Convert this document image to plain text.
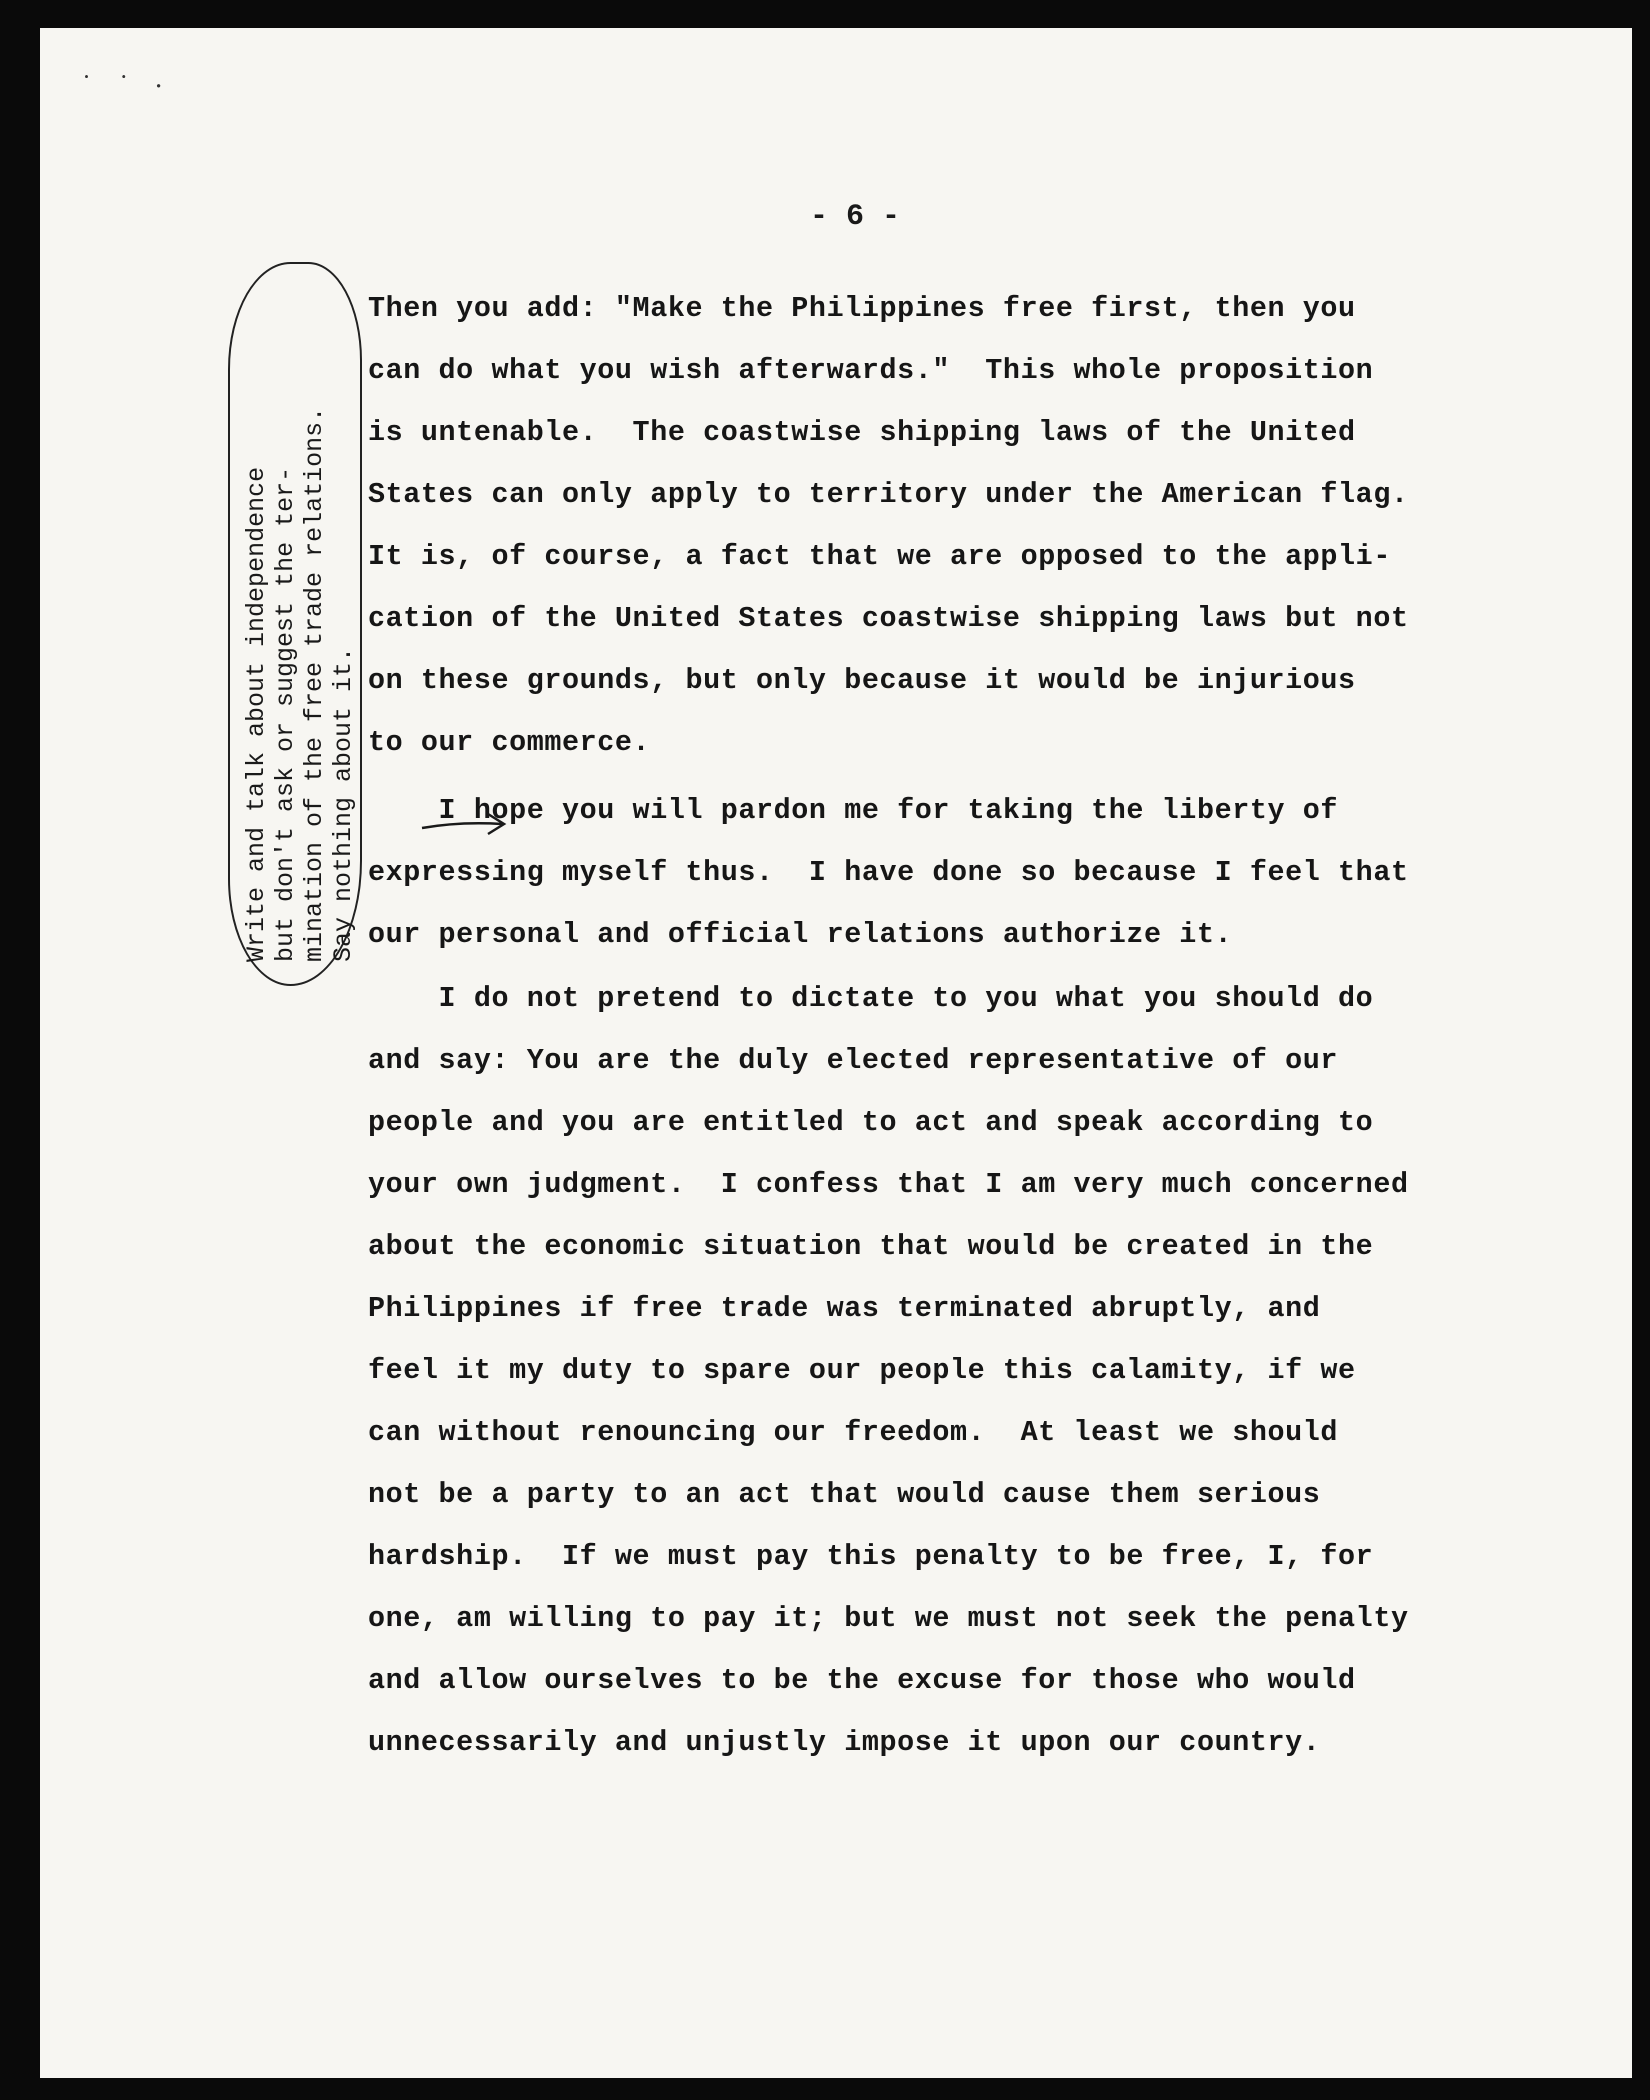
˙ ˙ ·
- 6 -
Write and talk about independence
but don't ask or suggest the ter-
mination of the free trade relations.
Say nothing about it.
Then you add: "Make the Philippines free first, then you
can do what you wish afterwards."  This whole proposition
is untenable.  The coastwise shipping laws of the United
States can only apply to territory under the American flag.
It is, of course, a fact that we are opposed to the appli-
cation of the United States coastwise shipping laws but not
on these grounds, but only because it would be injurious
to our commerce.
I hope you will pardon me for taking the liberty of
expressing myself thus.  I have done so because I feel that
our personal and official relations authorize it.
I do not pretend to dictate to you what you should do
and say: You are the duly elected representative of our
people and you are entitled to act and speak according to
your own judgment.  I confess that I am very much concerned
about the economic situation that would be created in the
Philippines if free trade was terminated abruptly, and
feel it my duty to spare our people this calamity, if we
can without renouncing our freedom.  At least we should
not be a party to an act that would cause them serious
hardship.  If we must pay this penalty to be free, I, for
one, am willing to pay it; but we must not seek the penalty
and allow ourselves to be the excuse for those who would
unnecessarily and unjustly impose it upon our country.
